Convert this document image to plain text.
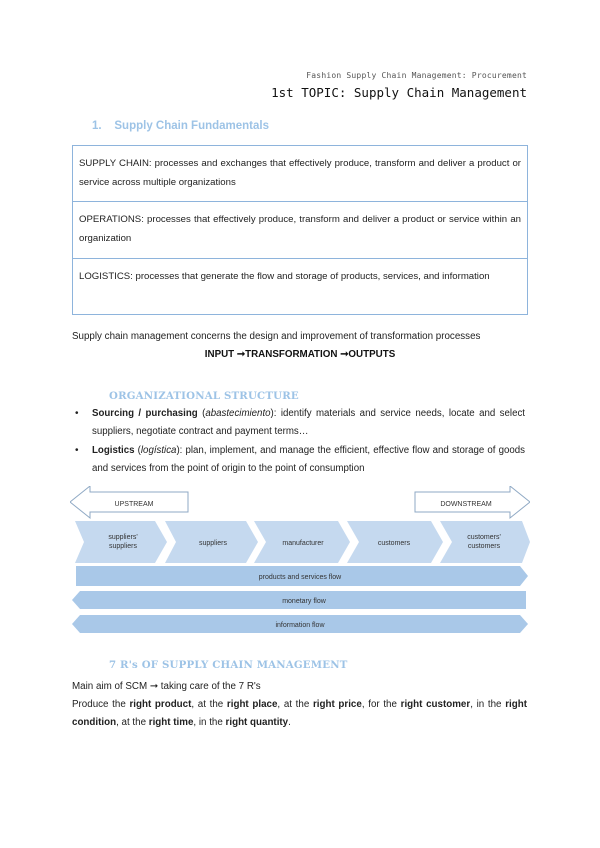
Fashion Supply Chain Management: Procurement
1st TOPIC: Supply Chain Management
1. Supply Chain Fundamentals
SUPPLY CHAIN: processes and exchanges that effectively produce, transform and deliver a product or service across multiple organizations
OPERATIONS: processes that effectively produce, transform and deliver a product or service within an organization
LOGISTICS: processes that generate the flow and storage of products, services, and information
Supply chain management concerns the design and improvement of transformation processes
INPUT ➞TRANSFORMATION ➞OUTPUTS
ORGANIZATIONAL STRUCTURE
• Sourcing / purchasing (abastecimiento): identify materials and service needs, locate and select suppliers, negotiate contract and payment terms…
• Logistics (logística): plan, implement, and manage the efficient, effective flow and storage of goods and services from the point of origin to the point of consumption
UPSTREAM	DOWNSTREAM
suppliers'
suppliers	suppliers	manufacturer	customers
customers'
customers
products and services flow
monetary flow
information flow
7 R's OF SUPPLY CHAIN MANAGEMENT
Main aim of SCM ➞ taking care of the 7 R's
Produce the right product, at the right place, at the right price, for the right customer, in the right condition, at the right time, in the right quantity.
